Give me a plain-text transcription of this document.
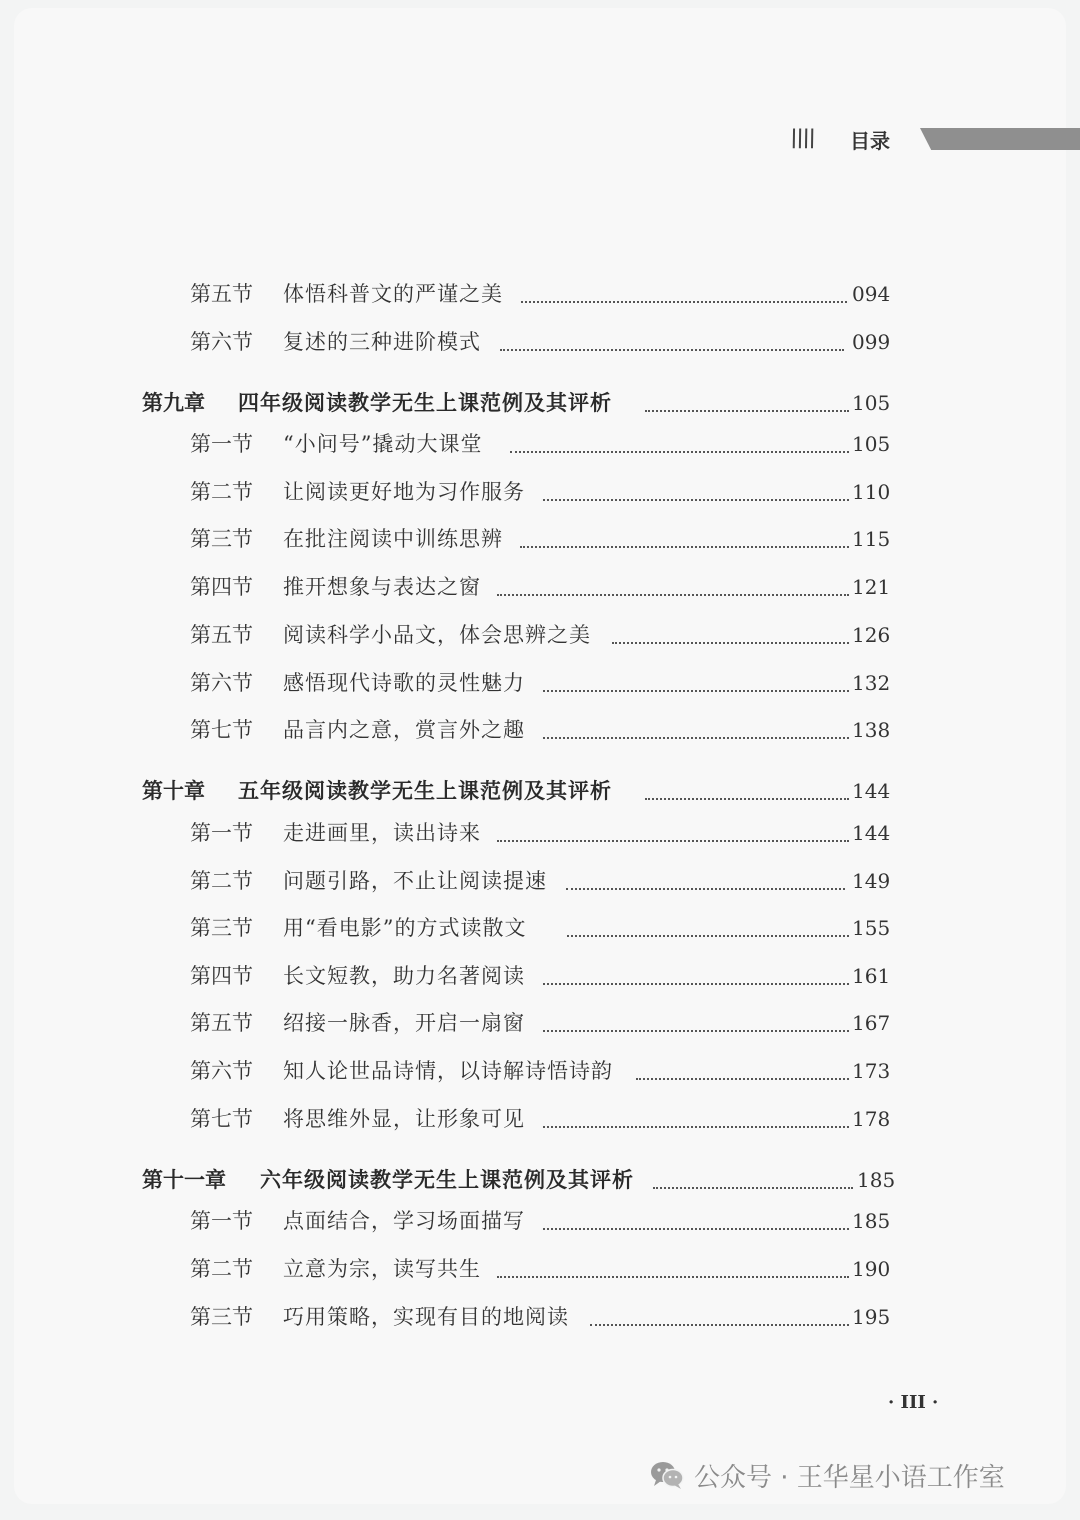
\\\\ 目录
第五节 体悟科普文的严谨之美	094
第六节 复述的三种进阶模式	099
第九章 四年级阅读教学无生上课范例及其评析	105
第一节 “小问号”撬动大课堂	105
第二节 让阅读更好地为习作服务	110
第三节 在批注阅读中训练思辨	115
第四节 推开想象与表达之窗	121
第五节 阅读科学小品文，体会思辨之美	126
第六节 感悟现代诗歌的灵性魅力	132
第七节 品言内之意，赏言外之趣	138
第十章 五年级阅读教学无生上课范例及其评析	144
第一节 走进画里，读出诗来	144
第二节 问题引路，不止让阅读提速	149
第三节 用“看电影”的方式读散文	155
第四节 长文短教，助力名著阅读	161
第五节 绍接一脉香，开启一扇窗	167
第六节 知人论世品诗情，以诗解诗悟诗韵	173
第七节 将思维外显，让形象可见	178
第十一章 六年级阅读教学无生上课范例及其评析	185
第一节 点面结合，学习场面描写	185
第二节 立意为宗，读写共生	190
第三节 巧用策略，实现有目的地阅读	195
· III ·
公众号 · 王华星小语工作室
